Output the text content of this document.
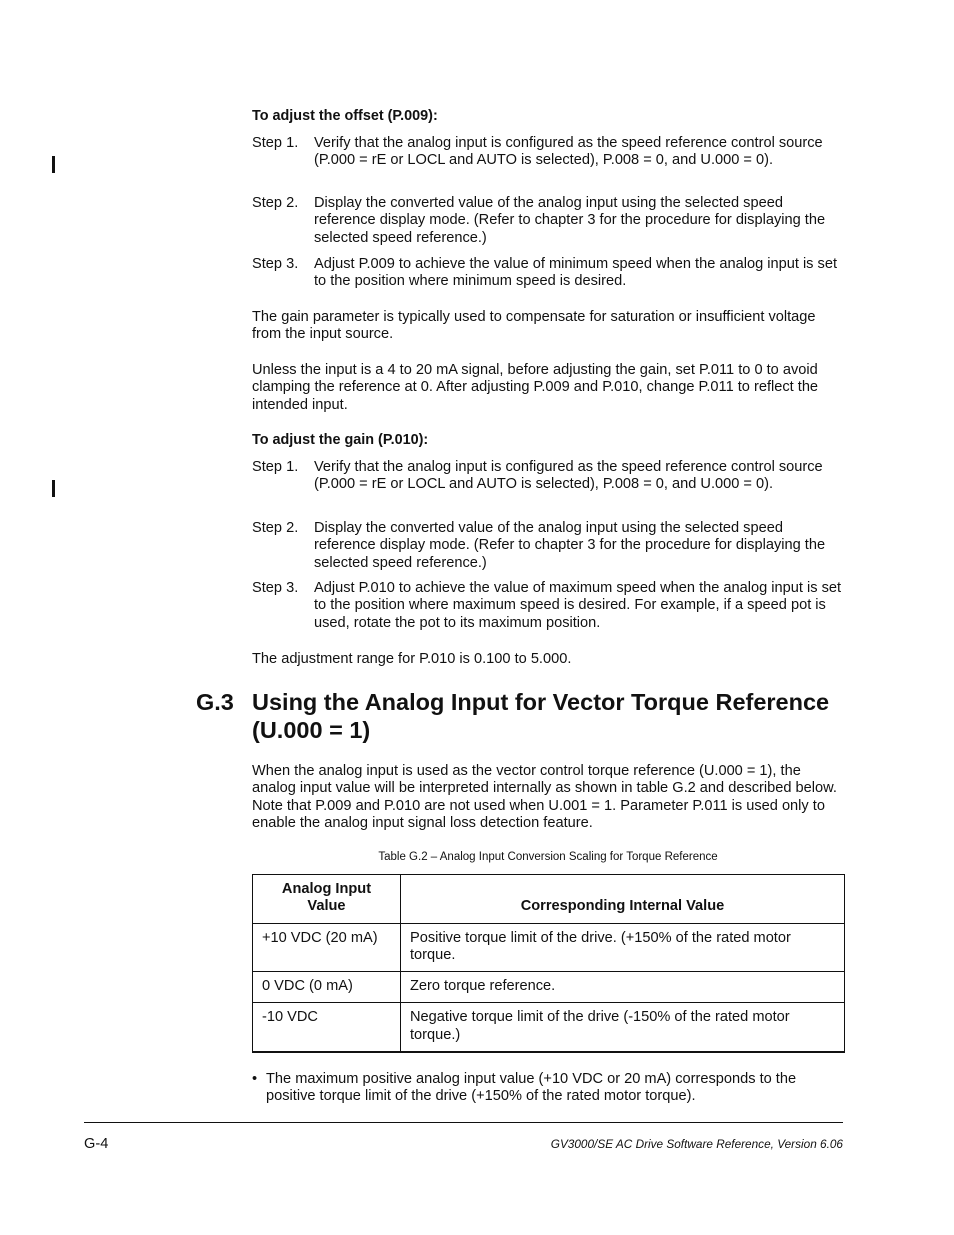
To adjust the offset (P.009):
Step 1.	Verify that the analog input is configured as the speed reference control source (P.000 = rE or LOCL and AUTO is selected), P.008 = 0, and U.000 = 0).
Step 2.	Display the converted value of the analog input using the selected speed reference display mode. (Refer to chapter 3 for the procedure for displaying the selected speed reference.)
Step 3.	Adjust P.009 to achieve the value of minimum speed when the analog input is set to the position where minimum speed is desired.
The gain parameter is typically used to compensate for saturation or insufficient voltage from the input source.
Unless the input is a 4 to 20 mA signal, before adjusting the gain, set P.011 to 0 to avoid clamping the reference at 0. After adjusting P.009 and P.010, change P.011 to reflect the intended input.
To adjust the gain (P.010):
Step 1.	Verify that the analog input is configured as the speed reference control source (P.000 = rE or LOCL and AUTO is selected), P.008 = 0, and U.000 = 0).
Step 2.	Display the converted value of the analog input using the selected speed reference display mode. (Refer to chapter 3 for the procedure for displaying the selected speed reference.)
Step 3.	Adjust P.010 to achieve the value of maximum speed when the analog input is set to the position where maximum speed is desired. For example, if a speed pot is used, rotate the pot to its maximum position.
The adjustment range for P.010 is 0.100 to 5.000.
G.3 Using the Analog Input for Vector Torque Reference (U.000 = 1)
When the analog input is used as the vector control torque reference (U.000 = 1), the analog input value will be interpreted internally as shown in table G.2 and described below. Note that P.009 and P.010 are not used when U.001 = 1. Parameter P.011 is used only to enable the analog input signal loss detection feature.
Table G.2 – Analog Input Conversion Scaling for Torque Reference
Analog Input Value	Corresponding Internal Value
+10 VDC (20 mA)	Positive torque limit of the drive. (+150% of the rated motor torque.
0 VDC (0 mA)	Zero torque reference.
-10 VDC	Negative torque limit of the drive (-150% of the rated motor torque.)
• The maximum positive analog input value (+10 VDC or 20 mA) corresponds to the positive torque limit of the drive (+150% of the rated motor torque).
G-4	GV3000/SE AC Drive Software Reference, Version 6.06
